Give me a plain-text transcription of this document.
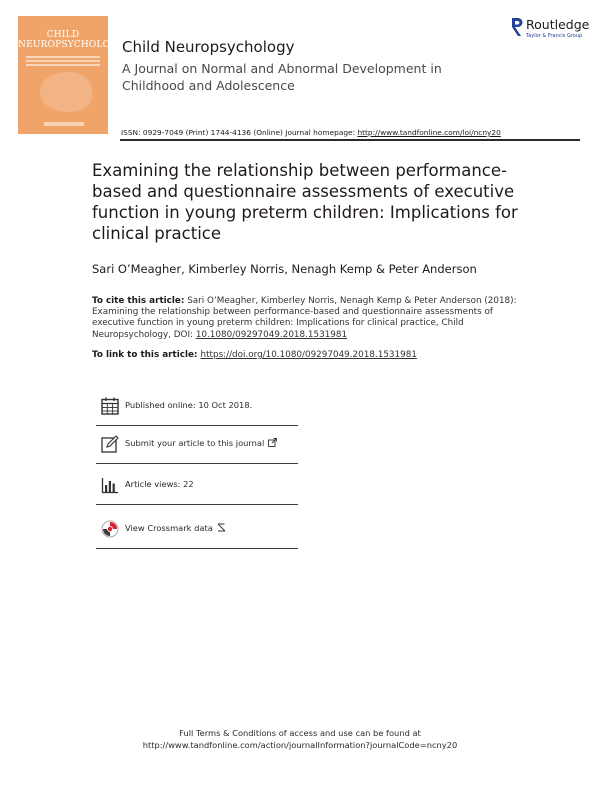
CHILD
NEUROPSYCHOLOGY
Child Neuropsychology
A Journal on Normal and Abnormal Development in Childhood and Adolescence
Routledge
Taylor & Francis Group
ISSN: 0929-7049 (Print) 1744-4136 (Online) Journal homepage: http://www.tandfonline.com/loi/ncny20
Examining the relationship between performance-based and questionnaire assessments of executive function in young preterm children: Implications for clinical practice
Sari O’Meagher, Kimberley Norris, Nenagh Kemp & Peter Anderson
To cite this article: Sari O’Meagher, Kimberley Norris, Nenagh Kemp & Peter Anderson (2018): Examining the relationship between performance-based and questionnaire assessments of executive function in young preterm children: Implications for clinical practice, Child Neuropsychology, DOI: 10.1080/09297049.2018.1531981
To link to this article: https://doi.org/10.1080/09297049.2018.1531981
Published online: 10 Oct 2018.
Submit your article to this journal
Article views: 22
View Crossmark data
Full Terms & Conditions of access and use can be found at
http://www.tandfonline.com/action/journalInformation?journalCode=ncny20
